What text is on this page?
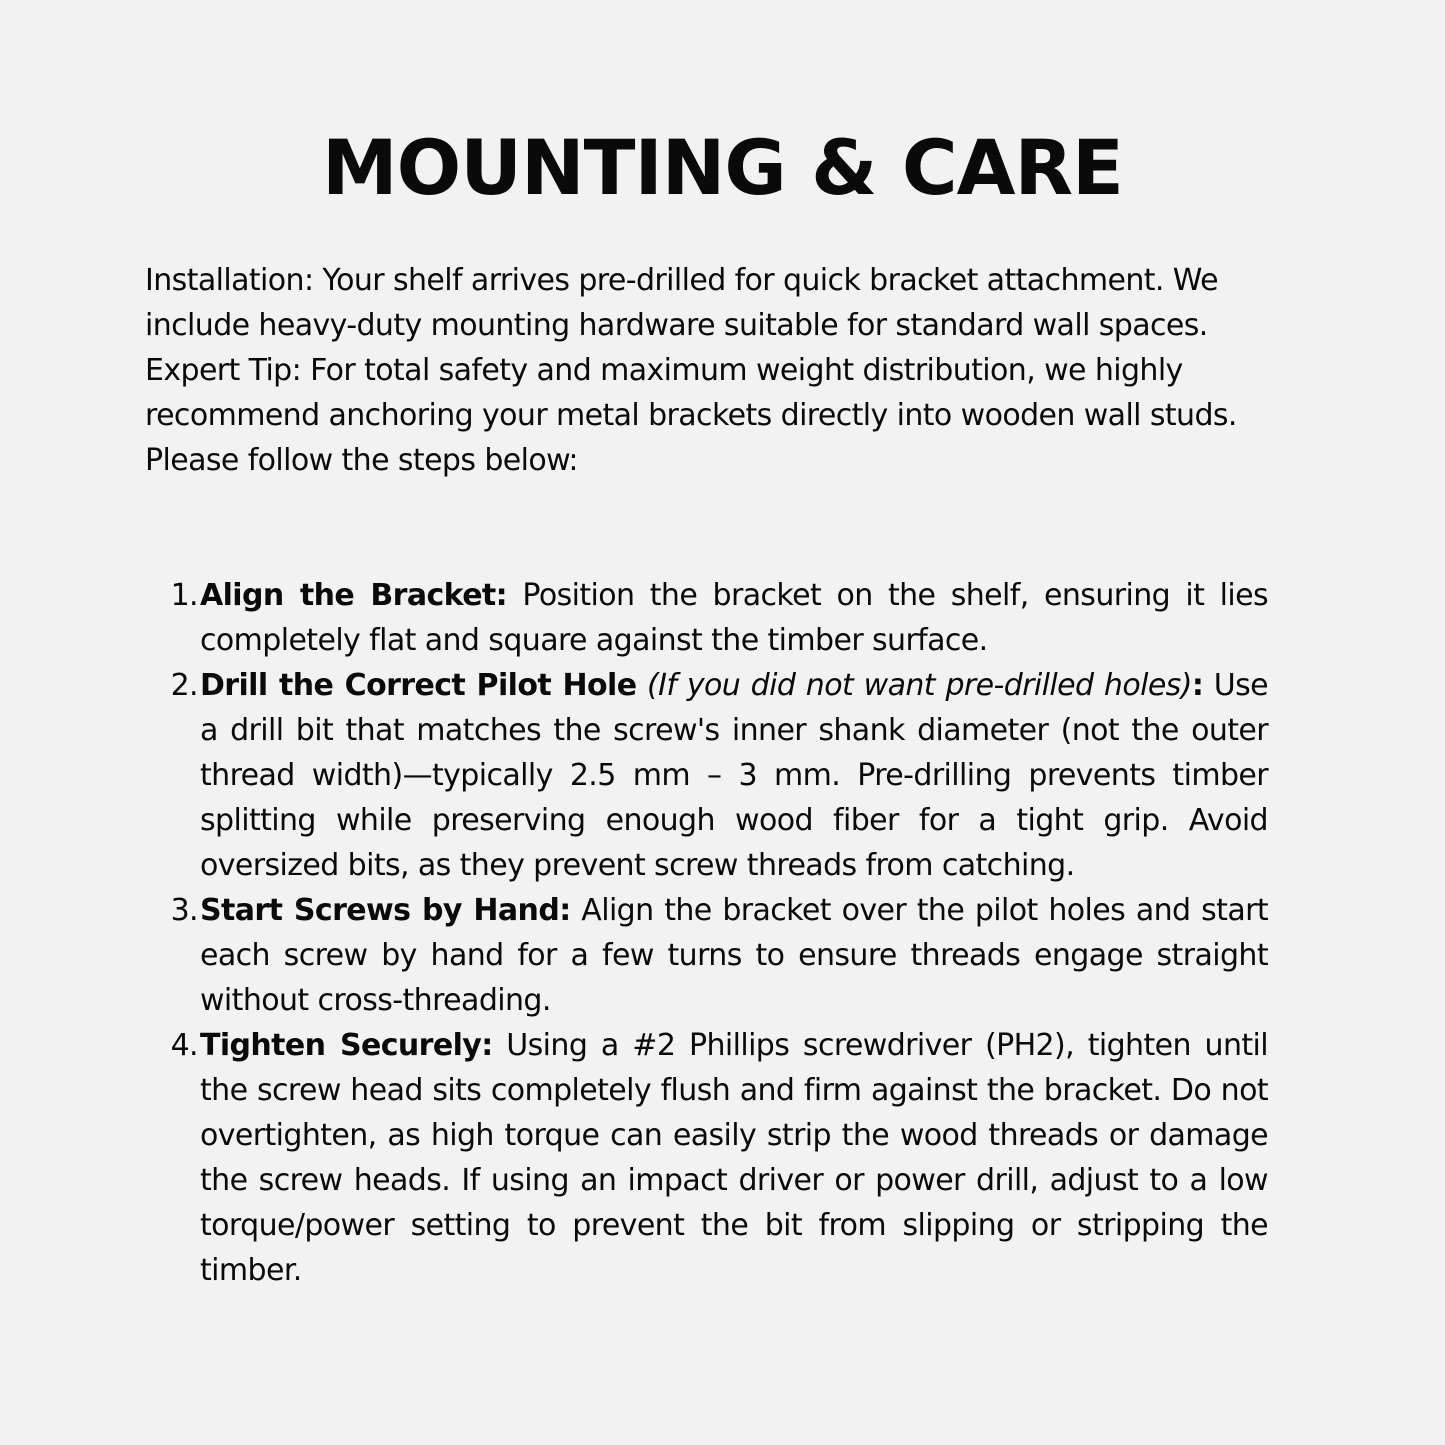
MOUNTING & CARE

Installation: Your shelf arrives pre-drilled for quick bracket attachment. We include heavy-duty mounting hardware suitable for standard wall spaces. Expert Tip: For total safety and maximum weight distribution, we highly recommend anchoring your metal brackets directly into wooden wall studs. Please follow the steps below:

1. Align the Bracket: Position the bracket on the shelf, ensuring it lies completely flat and square against the timber surface.
2. Drill the Correct Pilot Hole (If you did not want pre-drilled holes): Use a drill bit that matches the screw's inner shank diameter (not the outer thread width)—typically 2.5 mm – 3 mm. Pre-drilling prevents timber splitting while preserving enough wood fiber for a tight grip. Avoid oversized bits, as they prevent screw threads from catching.
3. Start Screws by Hand: Align the bracket over the pilot holes and start each screw by hand for a few turns to ensure threads engage straight without cross-threading.
4. Tighten Securely: Using a #2 Phillips screwdriver (PH2), tighten until the screw head sits completely flush and firm against the bracket. Do not overtighten, as high torque can easily strip the wood threads or damage the screw heads. If using an impact driver or power drill, adjust to a low torque/power setting to prevent the bit from slipping or stripping the timber.
